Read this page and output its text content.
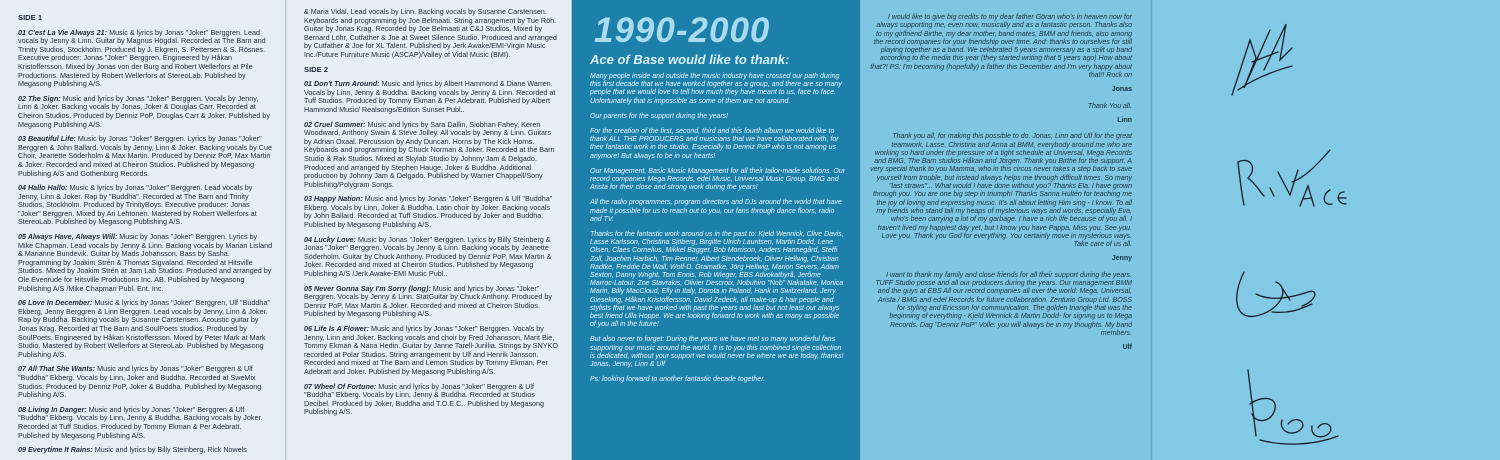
SIDE 1
01 C'est La Vie Always 21: Music & lyrics by Jonas "Joker" Berggren. Lead vocals by Jenny & Linn. Guitar by Magnus Högdal. Recorded at The Barn and Trinity Studios, Stockholm. Produced by J. Ekgren, S. Pettersen & S. Rösnes. Executive producer: Jonas "Joker" Berggren. Engineered by Håkan Kristoffersson. Mixed by Jonas von der Burg and Robert Wellerfors at Pile Productions. Mastered by Robert Wellerfors at StereoLab. Published by Megasong Publishing A/S.
02 The Sign: Music and lyrics by Jonas "Joker" Berggren. Vocals by Jenny, Linn & Joker. Backing vocals by Jonas, Joker & Douglas Carr. Recorded at Cheiron Studios. Produced by Denniz PoP, Douglas Carr & Joker. Published by Megasong Publishing A/S.
03 Beautiful Life: Music by Jonas "Joker" Berggren. Lyrics by Jonas "Joker" Berggren & John Ballard. Vocals by Jenny, Linn & Joker. Backing vocals by Cue Choir, Jeanette Söderholm & Max Martin. Produced by Denniz PoP, Max Martin & Joker. Recorded and mixed at Cheiron Studios. Published by Megasong Publishing A/S and Gothenburg Records.
04 Hallo Hallo: Music & lyrics by Jonas "Joker" Berggren. Lead vocals by Jenny, Linn & Joker. Rap by "Buddha". Recorded at The Barn and Trinity Studios, Stockholm. Produced by TrinityBoys. Executive producer: Jonas "Joker" Berggren. Mixed by Ari Lehtonen. Mastered by Robert Wellerfors at StereoLab. Published by Megasong Publishing A/S.
05 Always Have, Always Will: Music by Jonas "Joker" Berggren. Lyrics by Mike Chapman. Lead vocals by Jenny & Linn. Backing vocals by Marian Lisland & Marianne Bundevik. Guitar by Mads Johansson. Bass by Sasha. Programming by Joakim Strén & Thomas Sigvaland. Recorded at Hitsville Studios. Mixed by Joakim Strén at Jam Lab Studios. Produced and arranged by Ole Evenrude for Hitsville Productions Inc. AB. Published by Megasong Publishing A/S /Mike Chapman Publ. Ent. Inc.
06 Love In December: Music & lyrics by Jonas "Joker" Berggren, Ulf "Buddha" Ekberg, Jenny Berggren & Linn Berggren. Lead vocals by Jenny, Linn & Joker. Rap by Buddha. Backing vocals by Susanne Carstensen. Acoustic guitar by Jonas Krag. Recorded at The Barn and SoulPoets studios. Produced by SoulPoets. Engineered by Håkan Kristoffersson. Mixed by Peter Mark at Mark Studio. Mastered by Robert Wellerfors at StereoLab. Published by Megasong Publishing A/S.
07 All That She Wants: Music and lyrics by Jonas "Joker" Berggren & Ulf "Buddha" Ekberg. Vocals by Linn, Joker and Buddha. Recorded at SweMix Studios. Produced by Denniz PoP, Joker & Buddha. Published by Megasong Publishing A/S.
08 Living In Danger: Music and lyrics by Jonas "Joker" Berggren & Ulf "Buddha" Ekberg. Vocals by Linn, Jenny & Buddha. Backing vocals by Joker. Recorded at Tuff Studios. Produced by Tommy Ekman & Per Adebratt. Published by Megasong Publishing A/S.
09 Everytime It Rains: Music and lyrics by Billy Steinberg, Rick Nowels
& Maria Vidal. Lead vocals by Linn. Backing vocals by Susanne Carstensen. Keyboards and programming by Joe Belmaati. String arrangement by Tue Röh. Guitar by Jonas Krag. Recorded by Joe Belmaati at C&J Studios. Mixed by Bernard Löhr, Cutfather & Joe at Sweet Silence Studio. Produced and arranged by Cutfather & Joe for XL Talent. Published by Jerk Awake/EMI-Virgin Music Inc./Future Furniture Music (ASCAP)/Valley of Vidal Music (BMI).
SIDE 2
01 Don't Turn Around: Music and lyrics by Albert Hammond & Diane Warren. Vocals by Linn, Jenny & Buddha. Backing vocals by Jenny & Linn. Recorded at Tuff Studios. Produced by Tommy Ekman & Per Adebratt. Published by Albert Hammond Music/ Realsongs/Edition Sunset Publ..
02 Cruel Summer: Music and lyrics by Sara Dallin, Siobhan Fahey, Keren Woodward, Anthony Swain & Steve Jolley. All vocals by Jenny & Linn. Guitars by Adrian Oxaal. Percussion by Andy Duncan. Horns by The Kick Horns. Keyboards and programming by Chuck Norman & Joker. Recorded at the Barn Studio & Rak Studios. Mixed at Skylab Studio by Johnny Jam & Delgado. Produced and arranged by Stephen Hauge, Joker & Buddha. Additional production by Johnny Jam & Delgado. Published by Warner Chappell/Sony Publishing/Polygram Songs.
03 Happy Nation: Music and lyrics by Jonas "Joker" Berggren & Ulf "Buddha" Ekberg. Vocals by Linn, Joker & Buddha. Latin choir by Joker. Backing vocals by John Ballard. Recorded at Tuff Studios. Produced by Joker and Buddha. Published by Megasong Publishing A/S.
04 Lucky Love: Music by Jonas "Joker" Berggren. Lyrics by Billy Steinberg & Jonas "Joker" Berggren. Vocals by Jenny & Linn. Backing vocals by Jeanette Söderholm. Guitar by Chuck Anthony. Produced by Denniz PoP, Max Martin & Joker. Recorded and mixed at Cheiron Studios. Published by Megasong Publishing A/S /Jerk Awake-EMI Music Publ..
05 Never Gonna Say I'm Sorry (long): Music and lyrics by Jonas "Joker" Berggren. Vocals by Jenny & Linn. StatGuitar by Chuck Anthony. Produced by Denniz PoP, Max Martin & Joker. Recorded and mixed at Cheiron Studios. Published by Megasong Publishing A/S.
06 Life Is A Flower: Music and lyrics by Jonas "Joker" Berggren. Vocals by Jenny, Linn and Joker. Backing vocals and choir by Fred Johansson, Marit Bie, Tommy Ekman & Nana Hedin. Guitar by Janne Tarell-Jurillia. Strings by SNYKO recorded at Polar Studios. String arrangement by Ulf and Henrik Jansson. Recorded and mixed at The Barn and Lemon Studios by Tommy Ekman, Per Adebratt and Joker. Published by Megasong Publishing A/S.
07 Wheel Of Fortune: Music and lyrics by Jonas "Joker" Berggren & Ulf "Buddha" Ekberg. Vocals by Linn, Jenny & Buddha. Recorded at Studios Decibel. Produced by Joker, Buddha and T.O.E.C.. Published by Megasong Publishing A/S.
1990-2000
Ace of Base would like to thank:

Many people inside and outside the music industry have crossed our path during this first decade that we have worked together as a group, and there are so many people that we would love to tell how much they have meant to us, face to face. Unfortunately that is impossible as some of them are not around.

Our parents for the support during the years!

For the creation of the first, second, third and this fourth album we would like to thank ALL THE PRODUCERS and musicians that we have collaborated with, for their fantastic work in the studio. Especially to Denniz PoP who is not among us anymore! But always to be in our hearts!

Our Management, Basic Music Management for all their tailor-made solutions. Our record companies Mega Records, edel Music, Universal Music Group, BMG and Arista for their close and strong work during the years!

All the radio programmers, program directors and DJs around the world that have made it possible for us to reach out to you, our fans through dance floors, radio and TV.

Thanks for the fantastic work around us in the past to: Kjeld Wennick, Clive Davis, Lasse Karlsson, Christina Sjöberg, Birgitte Ulrich Lauritsen, Martin Dodd, Lene Olsen, Claes Cornelius, Mikkel Bagger, Bob Morrison, Anders Hannegård, Steffi Zoll, Joachim Harbich, Tim Renner, Albert Slendebroek, Oliver Hellwig, Christian Radtke, Freddie De Wall, Wolf-D. Gramatke, Jörg Hellwig, Marion Severs, Adam Sexton, Danny Wright, Tom Ennis, Rob Wieger, EBS Advokatbyrå, Jerôme Marroc-Latour, Zoe Stavrakis, Olivier Descroix, Nobuhiro "Nob" Nakatake, Monica Marin, Billy MacCloud, Elly in Italy, Dorota in Poland, Hank in Switzerland, Jerry Gieseking, Håkan Kristoffersson, David Zedeck, all make-up & hair people and stylists that we have worked with past the years and last but not least our always best friend Ulla Hoppe. We are looking forward to work with as many as possible of you all in the future!

But also never to forget: During the years we have met so many wonderful fans supporting our music around the world. It is to you this combined single collection is dedicated, without your support we would never be where we are today, thanks! Jonas, Jenny, Linn & Ulf

Ps: looking forward to another fantastic decade together.

I would like to give big credits to my dear father Göran who's in heaven now for always supporting me, even now, musically and as a fantastic person. Thanks also to my girlfriend Birthe, my dear mother, band mates, BMM and friends, also among the record companies for your friendship over time. And: thanks to ourselves for still playing together as a band. We celebrated 5 years anniversary as a split up band according to the media this year (they started writing that 5 years ago) How about that?! PS: I'm becoming (hopefully) a father this December and I'm very happy about that!! Rock on

Jonas

Thank You all.

Linn

Thank you all, for making this possible to do. Jonas, Linn and Ulf for the great teamwork, Lasse, Christina and Anna at BMM, everybody around me who are working so hard under the pressure of a tight schedule at Universal, Mega Records and BMG, The Barn studios Håkan and Jörgen. Thank you Birthe for the support. A very special thank to you Mamma, who in this circus never takes a step back to save yourself from trouble, but instead always helps me through difficult times. So many "last straws"... What would I have done without you? Thanks Ela. I have grown through you. You are one big step in triumph! Thanks Sanna Hultén for teaching me the joy of loving and expressing music. It's all about letting Him sing - I know. To all my friends who stand tall my heaps of mysterious ways and words, especially Eva, who's been carrying a lot of my garbage. I have a rich life because of you all. I haven't lived my happiest day yet, but I know you have Pappa. Miss you. See you. Love you. Thank you God for everything. You certainly move in mysterious ways. Take care of us all.

Jenny

I want to thank my family and close friends for all their support during the years. TUFF Studio posse and all our producers during the years. Our management BMM and the guys at EBS All our record companies all over the world: Mega, Universal, Arista / BMG and edel Records for future collaboration. Zenturio Group Ltd. BOSS for styling and Ericsson for communication. The golden triangle that was the beginning of everything - Kjeld Wennick & Martin Dodd- for signing us to Mega Records. Dag "Denniz PoP" Volle: you will always be in my thoughts. My band members.

Ulf
